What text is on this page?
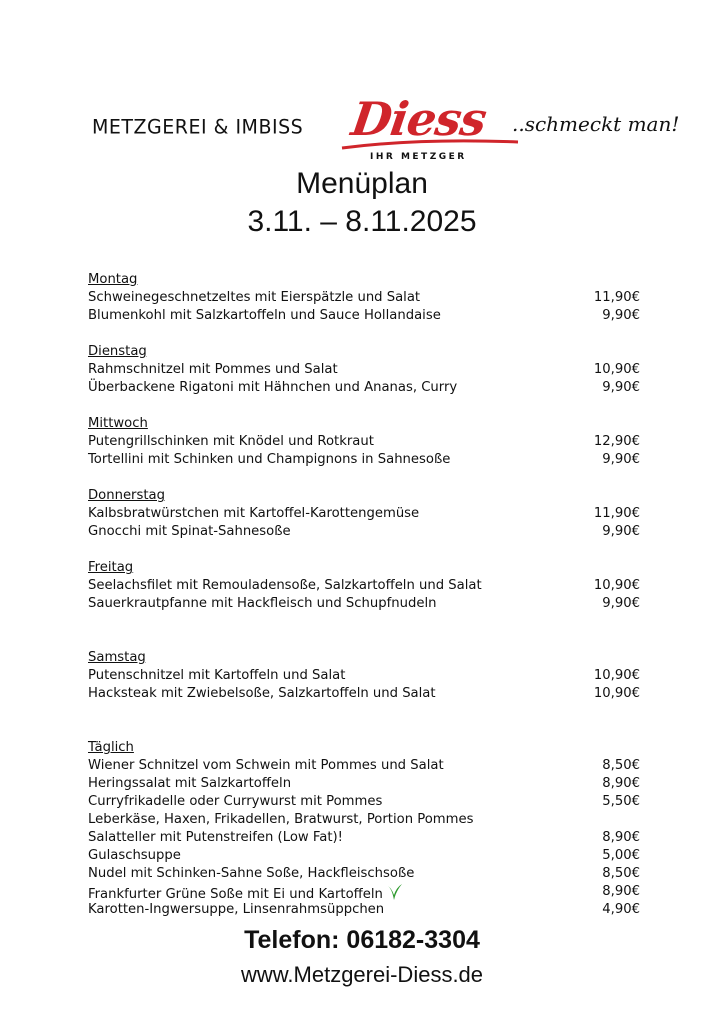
METZGEREI & IMBISS Diess
IHR METZGER
..schmeckt man!
Menüplan
3.11. – 8.11.2025
Montag
Schweinegeschnetzeltes mit Eierspätzle und Salat	11,90€
Blumenkohl mit Salzkartoffeln und Sauce Hollandaise	9,90€
Dienstag
Rahmschnitzel mit Pommes und Salat	10,90€
Überbackene Rigatoni mit Hähnchen und Ananas, Curry	9,90€
Mittwoch
Putengrillschinken mit Knödel und Rotkraut	12,90€
Tortellini mit Schinken und Champignons in Sahnesoße	9,90€
Donnerstag
Kalbsbratwürstchen mit Kartoffel-Karottengemüse	11,90€
Gnocchi mit Spinat-Sahnesoße	9,90€
Freitag
Seelachsfilet mit Remouladensoße, Salzkartoffeln und Salat	10,90€
Sauerkrautpfanne mit Hackfleisch und Schupfnudeln	9,90€
Samstag
Putenschnitzel mit Kartoffeln und Salat	10,90€
Hacksteak mit Zwiebelsoße, Salzkartoffeln und Salat	10,90€
Täglich
Wiener Schnitzel vom Schwein mit Pommes und Salat	8,50€
Heringssalat mit Salzkartoffeln	8,90€
Curryfrikadelle oder Currywurst mit Pommes	5,50€
Leberkäse, Haxen, Frikadellen, Bratwurst, Portion Pommes
Salatteller mit Putenstreifen (Low Fat)!	8,90€
Gulaschsuppe	5,00€
Nudel mit Schinken-Sahne Soße, Hackfleischsoße	8,50€
Frankfurter Grüne Soße mit Ei und Kartoffeln	8,90€
Karotten-Ingwersuppe, Linsenrahmsüppchen	4,90€
Telefon: 06182-3304
www.Metzgerei-Diess.de
